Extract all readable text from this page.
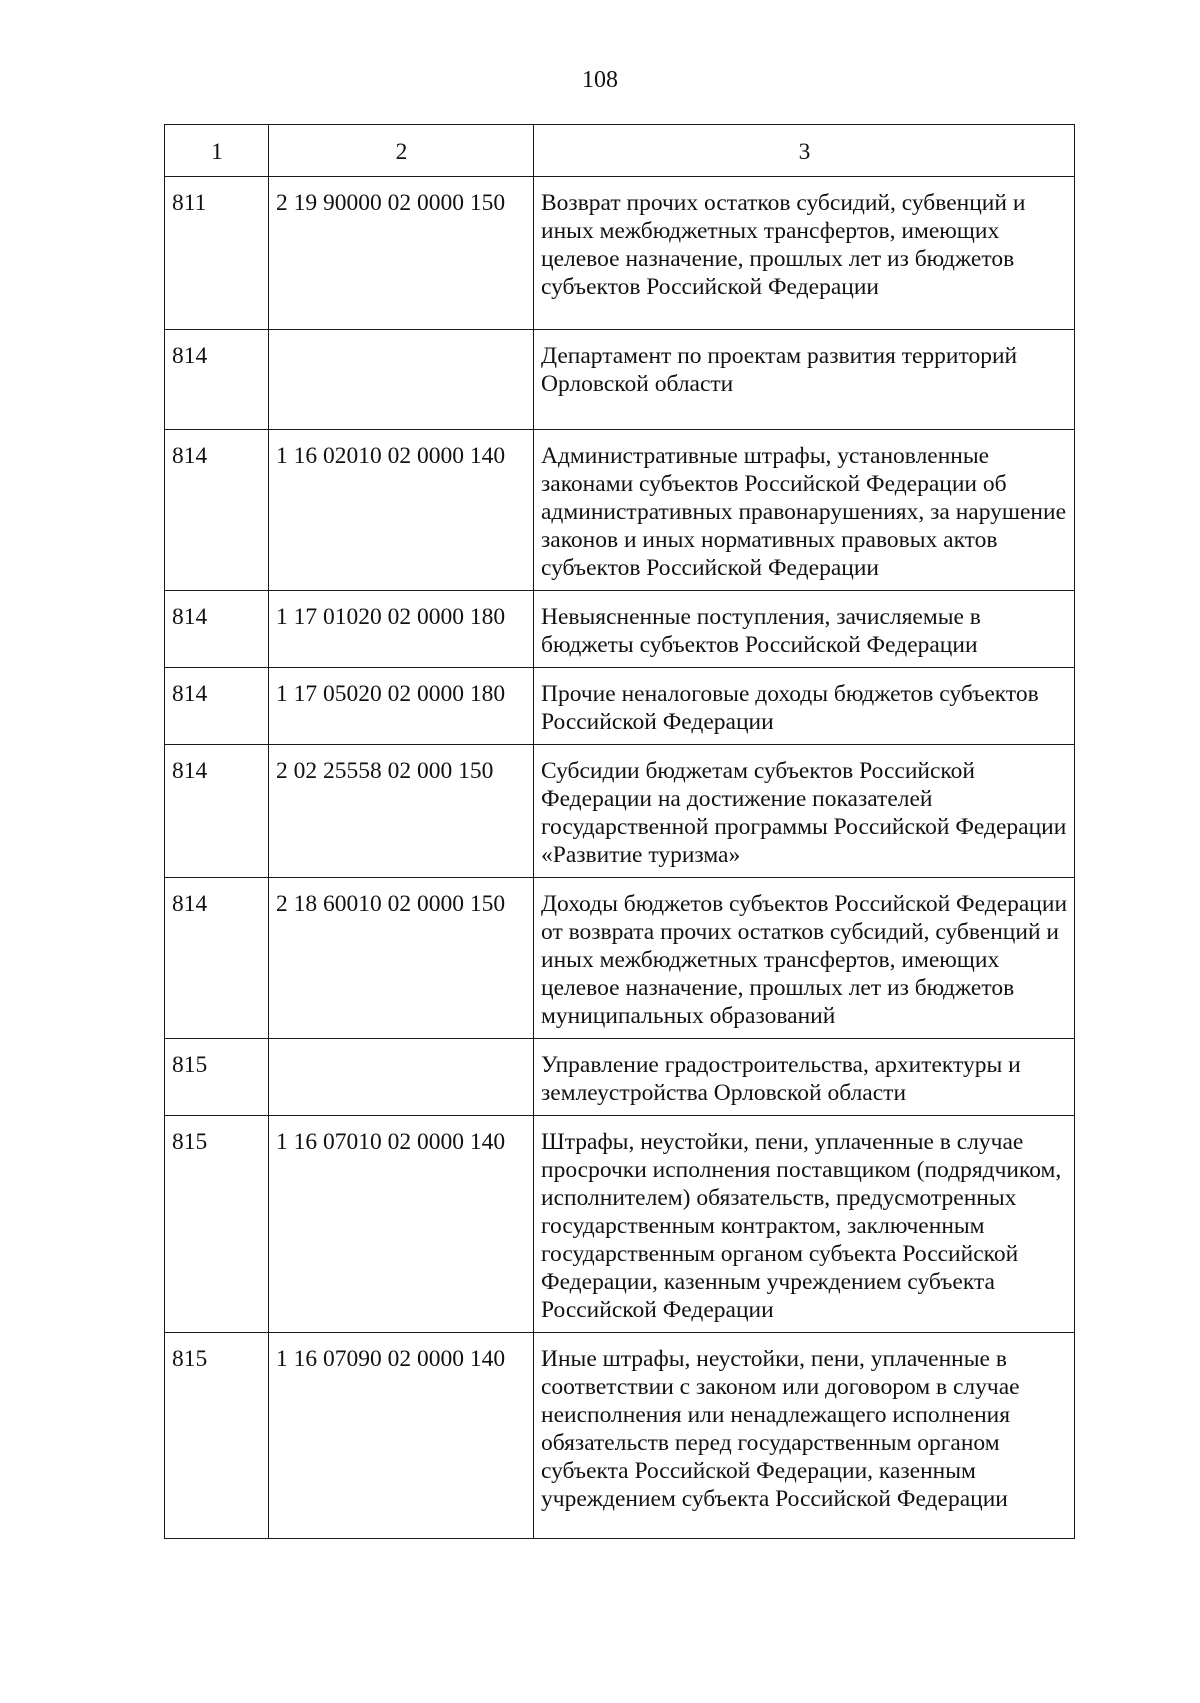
108
1	2	3
811	2 19 90000 02 0000 150	Возврат прочих остатков субсидий, субвенций и иных межбюджетных трансфертов, имеющих целевое назначение, прошлых лет из бюджетов субъектов Российской Федерации
814		Департамент по проектам развития территорий Орловской области
814	1 16 02010 02 0000 140	Административные штрафы, установленные законами субъектов Российской Федерации об административных правонарушениях, за нарушение законов и иных нормативных правовых актов субъектов Российской Федерации
814	1 17 01020 02 0000 180	Невыясненные поступления, зачисляемые в бюджеты субъектов Российской Федерации
814	1 17 05020 02 0000 180	Прочие неналоговые доходы бюджетов субъектов Российской Федерации
814	2 02 25558 02 000 150	Субсидии бюджетам субъектов Российской Федерации на достижение показателей государственной программы Российской Федерации «Развитие туризма»
814	2 18 60010 02 0000 150	Доходы бюджетов субъектов Российской Федерации от возврата прочих остатков субсидий, субвенций и иных межбюджетных трансфертов, имеющих целевое назначение, прошлых лет из бюджетов муниципальных образований
815		Управление градостроительства, архитектуры и землеустройства Орловской области
815	1 16 07010 02 0000 140	Штрафы, неустойки, пени, уплаченные в случае просрочки исполнения поставщиком (подрядчиком, исполнителем) обязательств, предусмотренных государственным контрактом, заключенным государственным органом субъекта Российской Федерации, казенным учреждением субъекта Российской Федерации
815	1 16 07090 02 0000 140	Иные штрафы, неустойки, пени, уплаченные в соответствии с законом или договором в случае неисполнения или ненадлежащего исполнения обязательств перед государственным органом субъекта Российской Федерации, казенным учреждением субъекта Российской Федерации
